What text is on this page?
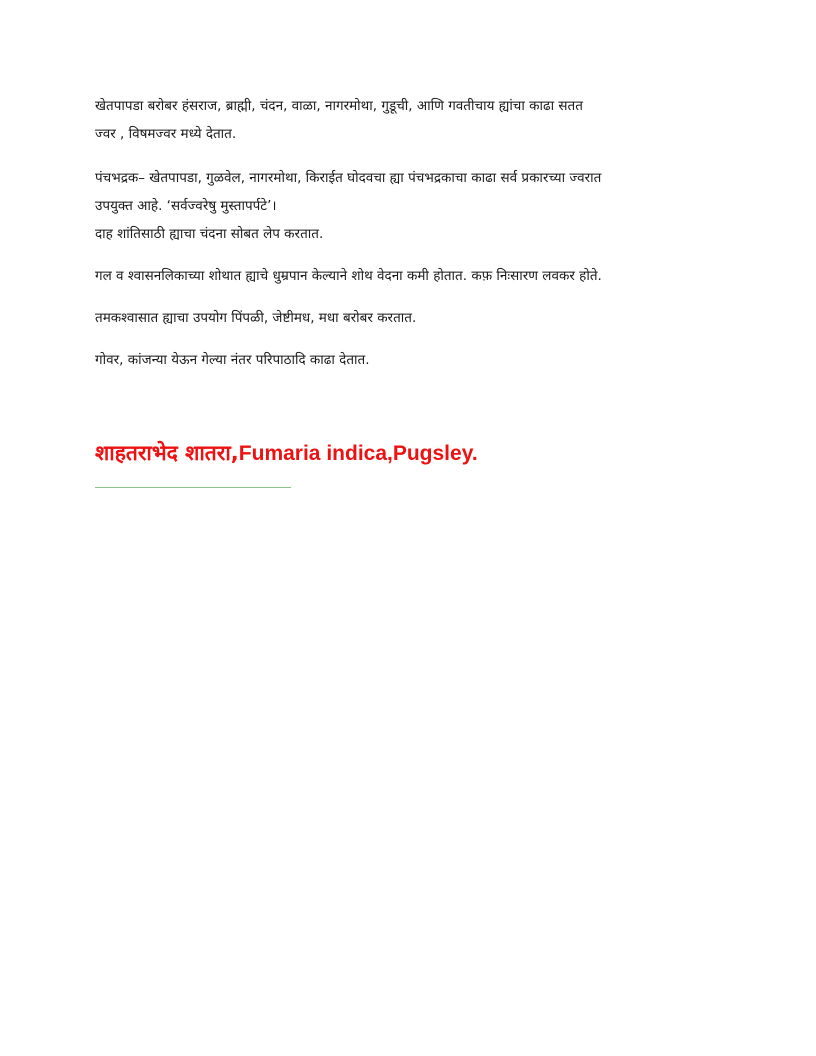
खेतपापडा बरोबर हंसराज, ब्राह्मी, चंदन, वाळा, नागरमोथा, गुडूची, आणि गवतीचाय ह्यांचा काढा सतत
ज्वर , विषमज्वर मध्ये देतात.
पंचभद्रक– खेतपापडा, गुळवेल, नागरमोथा, किराईत घोदवचा ह्या पंचभद्रकाचा काढा सर्व प्रकारच्या ज्वरात
उपयुक्त आहे. ‘सर्वज्वरेषु मुस्तापर्पटे’।
दाह शांतिसाठी ह्याचा चंदना सोबत लेप करतात.
गल व श्वासनलिकाच्या शोथात ह्याचे धुम्रपान केल्याने शोथ वेदना कमी होतात. कफ़ निःसारण लवकर होते.
तमकश्वासात ह्याचा उपयोग पिंपळी, जेष्टीमध, मधा बरोबर करतात.
गोवर, कांजन्या येऊन गेल्या नंतर परिपाठादि काढा देतात.
शाहतराभेद शातरा,Fumaria indica,Pugsley.
